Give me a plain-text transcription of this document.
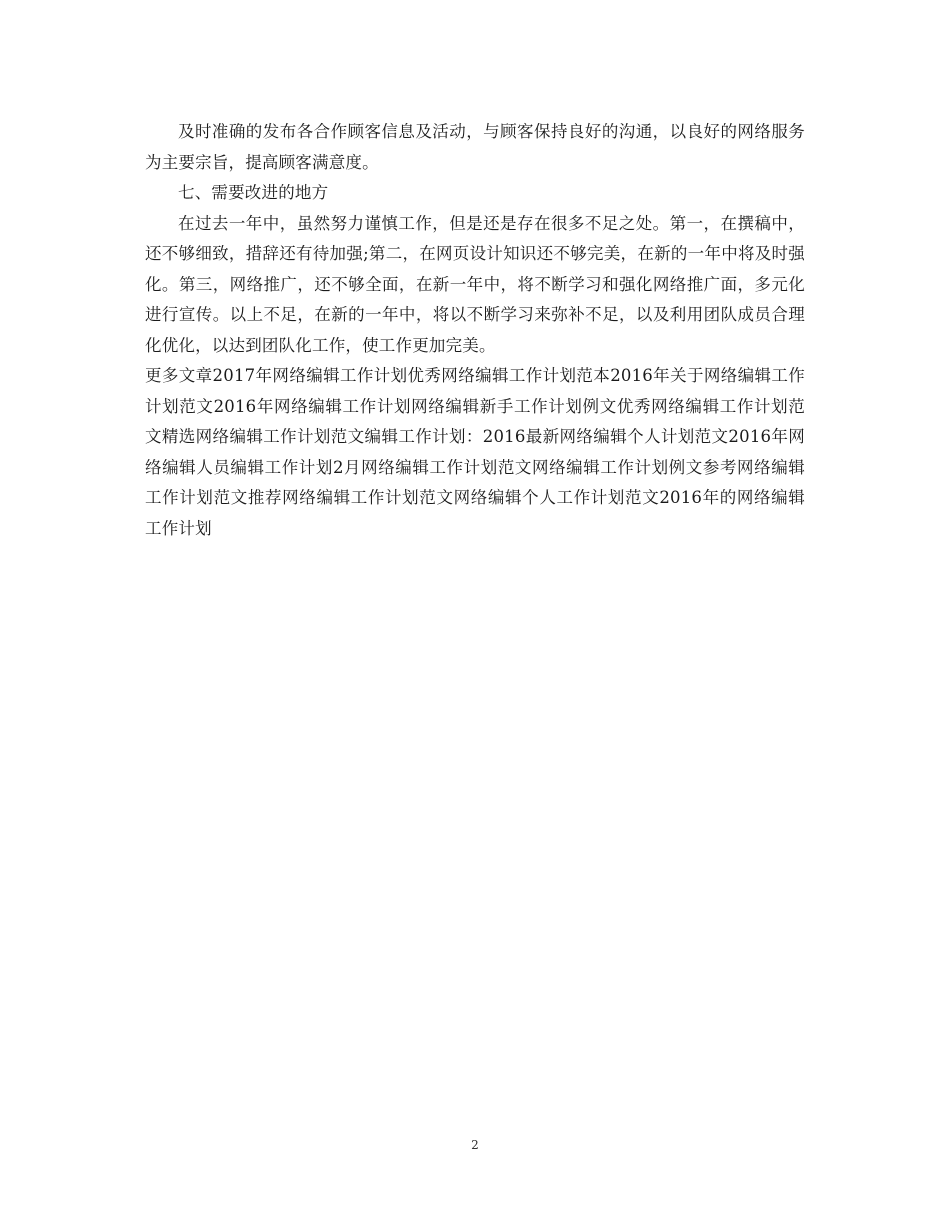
及时准确的发布各合作顾客信息及活动，与顾客保持良好的沟通，以良好的网络服务为主要宗旨，提高顾客满意度。

七、需要改进的地方

在过去一年中，虽然努力谨慎工作，但是还是存在很多不足之处。第一，在撰稿中，还不够细致，措辞还有待加强;第二，在网页设计知识还不够完美，在新的一年中将及时强化。第三，网络推广，还不够全面，在新一年中，将不断学习和强化网络推广面，多元化进行宣传。以上不足，在新的一年中，将以不断学习来弥补不足，以及利用团队成员合理化优化，以达到团队化工作，使工作更加完美。

更多文章2017年网络编辑工作计划优秀网络编辑工作计划范本2016年关于网络编辑工作计划范文2016年网络编辑工作计划网络编辑新手工作计划例文优秀网络编辑工作计划范文精选网络编辑工作计划范文编辑工作计划：2016最新网络编辑个人计划范文2016年网络编辑人员编辑工作计划2月网络编辑工作计划范文网络编辑工作计划例文参考网络编辑工作计划范文推荐网络编辑工作计划范文网络编辑个人工作计划范文2016年的网络编辑工作计划

2
